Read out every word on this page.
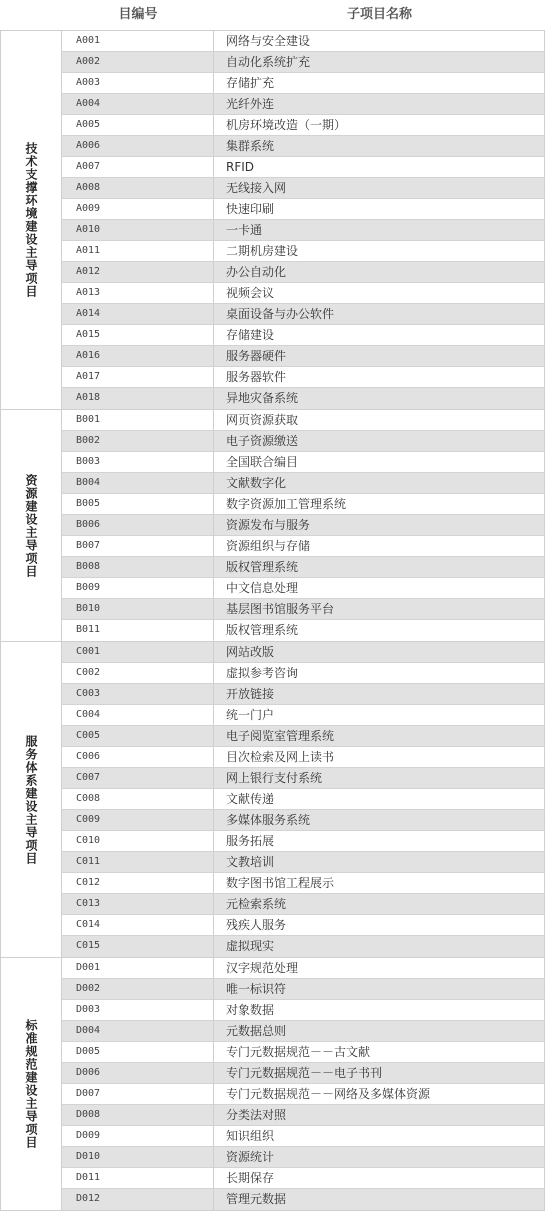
目编号	子项目名称
技术支撑环境建设主导项目
A001	网络与安全建设
A002	自动化系统扩充
A003	存储扩充
A004	光纤外连
A005	机房环境改造（一期）
A006	集群系统
A007	RFID
A008	无线接入网
A009	快速印刷
A010	一卡通
A011	二期机房建设
A012	办公自动化
A013	视频会议
A014	桌面设备与办公软件
A015	存储建设
A016	服务器硬件
A017	服务器软件
A018	异地灾备系统
资源建设主导项目
B001	网页资源获取
B002	电子资源缴送
B003	全国联合编目
B004	文献数字化
B005	数字资源加工管理系统
B006	资源发布与服务
B007	资源组织与存储
B008	版权管理系统
B009	中文信息处理
B010	基层图书馆服务平台
B011	版权管理系统
服务体系建设主导项目
C001	网站改版
C002	虚拟参考咨询
C003	开放链接
C004	统一门户
C005	电子阅览室管理系统
C006	目次检索及网上读书
C007	网上银行支付系统
C008	文献传递
C009	多媒体服务系统
C010	服务拓展
C011	文教培训
C012	数字图书馆工程展示
C013	元检索系统
C014	残疾人服务
C015	虚拟现实
标准规范建设主导项目
D001	汉字规范处理
D002	唯一标识符
D003	对象数据
D004	元数据总则
D005	专门元数据规范－－古文献
D006	专门元数据规范－－电子书刊
D007	专门元数据规范－－网络及多媒体资源
D008	分类法对照
D009	知识组织
D010	资源统计
D011	长期保存
D012	管理元数据
